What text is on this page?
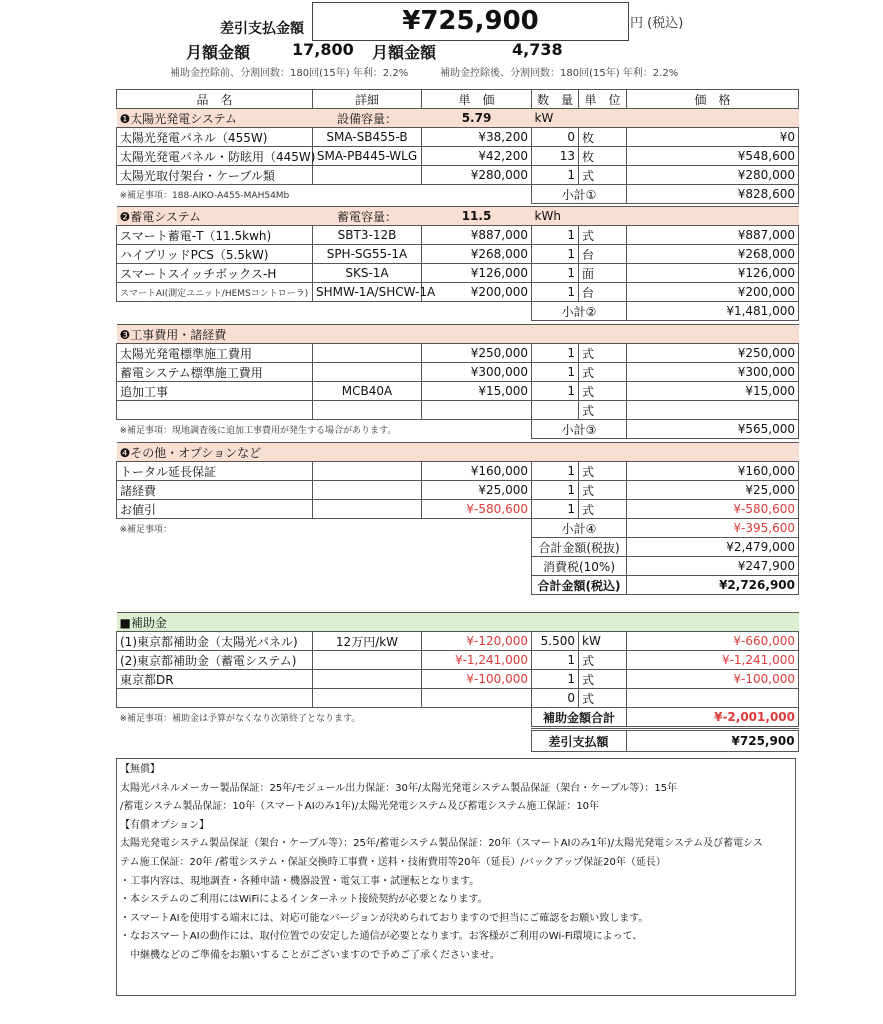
差引支払金額	¥725,900	円 (税込)
月額金額	17,800 月額金額	4,738
補助金控除前、分割回数：180回(15年) 年利：2.2%	補助金控除後、分割回数：180回(15年) 年利：2.2%
品　名	詳細	単　価	数　量	単　位	価　格
❶太陽光発電システム	設備容量：	5.79	kW		
太陽光発電パネル（455W)	SMA-SB455-B	¥38,200	0	枚	¥0
太陽光発電パネル・防眩用（445W)	SMA-PB445-WLG	¥42,200	13	枚	¥548,600
太陽光取付架台・ケーブル類		¥280,000	1	式	¥280,000
※補足事項：188-AIKO-A455-MAH54Mb			小計①		¥828,600
❷蓄電システム	蓄電容量：	11.5	kWh		
スマート蓄電-T（11.5kwh)	SBT3-12B	¥887,000	1	式	¥887,000
ハイブリッドPCS（5.5kW)	SPH-SG55-1A	¥268,000	1	台	¥268,000
スマートスイッチボックス-H	SKS-1A	¥126,000	1	面	¥126,000
スマートAI(測定ユニット/HEMSコントローラ)	SHMW-1A/SHCW-1A	¥200,000	1	台	¥200,000
			小計②		¥1,481,000
❸工事費用・諸経費					
太陽光発電標準施工費用		¥250,000	1	式	¥250,000
蓄電システム標準施工費用		¥300,000	1	式	¥300,000
追加工事	MCB40A	¥15,000	1	式	¥15,000
				式	
※補足事項：現地調査後に追加工事費用が発生する場合があります。			小計③		¥565,000
❹その他・オプションなど					
トータル延長保証		¥160,000	1	式	¥160,000
諸経費		¥25,000	1	式	¥25,000
お値引		¥-580,600	1	式	¥-580,600
※補足事項：			小計④		¥-395,600
			合計金額(税抜)		¥2,479,000
			消費税(10%)		¥247,900
			合計金額(税込)		¥2,726,900
■補助金					
(1)東京都補助金（太陽光パネル)	12万円/kW	¥-120,000	5.500	kW	¥-660,000
(2)東京都補助金（蓄電システム)		¥-1,241,000	1	式	¥-1,241,000
東京都DR		¥-100,000	1	式	¥-100,000
			0	式	
※補足事項：補助金は予算がなくなり次第終了となります。			補助金額合計		¥-2,001,000
	差引支払額	¥725,900
【無償】
太陽光パネルメーカー製品保証：25年/モジュール出力保証：30年/太陽光発電システム製品保証（架台・ケーブル等）：15年
/蓄電システム製品保証：10年（スマートAIのみ1年)/太陽光発電システム及び蓄電システム施工保証：10年
【有償オプション】
太陽光発電システム製品保証（架台・ケーブル等）：25年/蓄電システム製品保証：20年（スマートAIのみ1年)/太陽光発電システム及び蓄電シス
テム施工保証：20年 /蓄電システム・保証交換時工事費・送料・技術費用等20年（延長）/バックアップ保証20年（延長）
・工事内容は、現地調査・各種申請・機器設置・電気工事・試運転となります。
・本システムのご利用にはWiFiによるインターネット接続契約が必要となります。
・スマートAIを使用する端末には、対応可能なバージョンが決められておりますので担当にご確認をお願い致します。
・なおスマートAIの動作には、取付位置での安定した通信が必要となります。お客様がご利用のWi-Fi環境によって、
　中継機などのご準備をお願いすることがございますので予めご了承くださいませ。
